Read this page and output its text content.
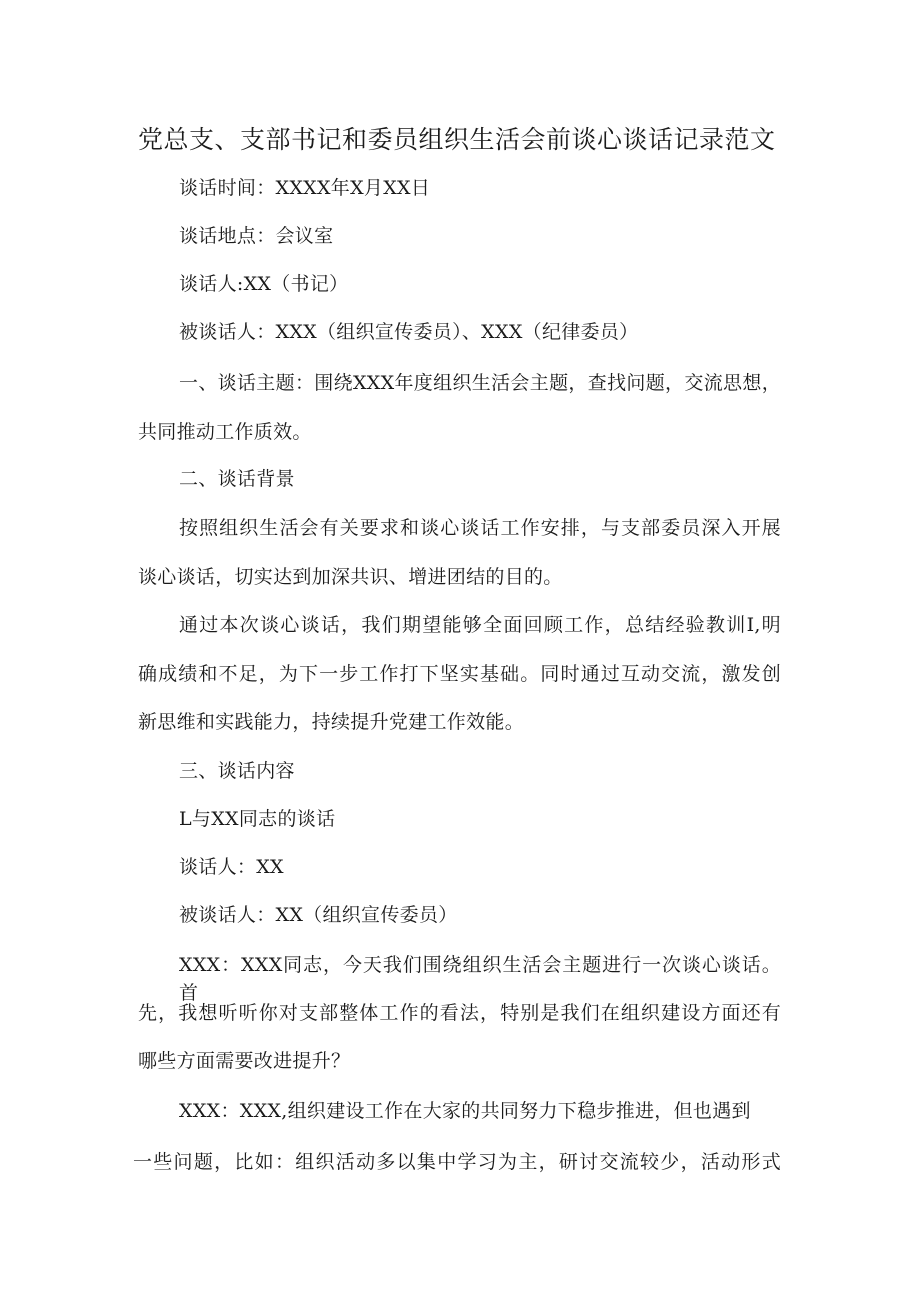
党总支、支部书记和委员组织生活会前谈心谈话记录范文
谈话时间：XXXX年X月XX日
谈话地点：会议室
谈话人:XX（书记）
被谈话人：XXX（组织宣传委员）、XXX（纪律委员）
一、谈话主题：围绕XXX年度组织生活会主题，查找问题，交流思想，
共同推动工作质效。
二、谈话背景
按照组织生活会有关要求和谈心谈话工作安排，与支部委员深入开展
谈心谈话，切实达到加深共识、增进团结的目的。
通过本次谈心谈话，我们期望能够全面回顾工作，总结经验教训I,明
确成绩和不足，为下一步工作打下坚实基础。同时通过互动交流，激发创
新思维和实践能力，持续提升党建工作效能。
三、谈话内容
L与XX同志的谈话
谈话人：XX
被谈话人：XX（组织宣传委员）
XXX：XXX同志，今天我们围绕组织生活会主题进行一次谈心谈话。首
先，我想听听你对支部整体工作的看法，特别是我们在组织建设方面还有
哪些方面需要改进提升？
XXX：XXX,组织建设工作在大家的共同努力下稳步推进，但也遇到
一些问题，比如：组织活动多以集中学习为主，研讨交流较少，活动形式
